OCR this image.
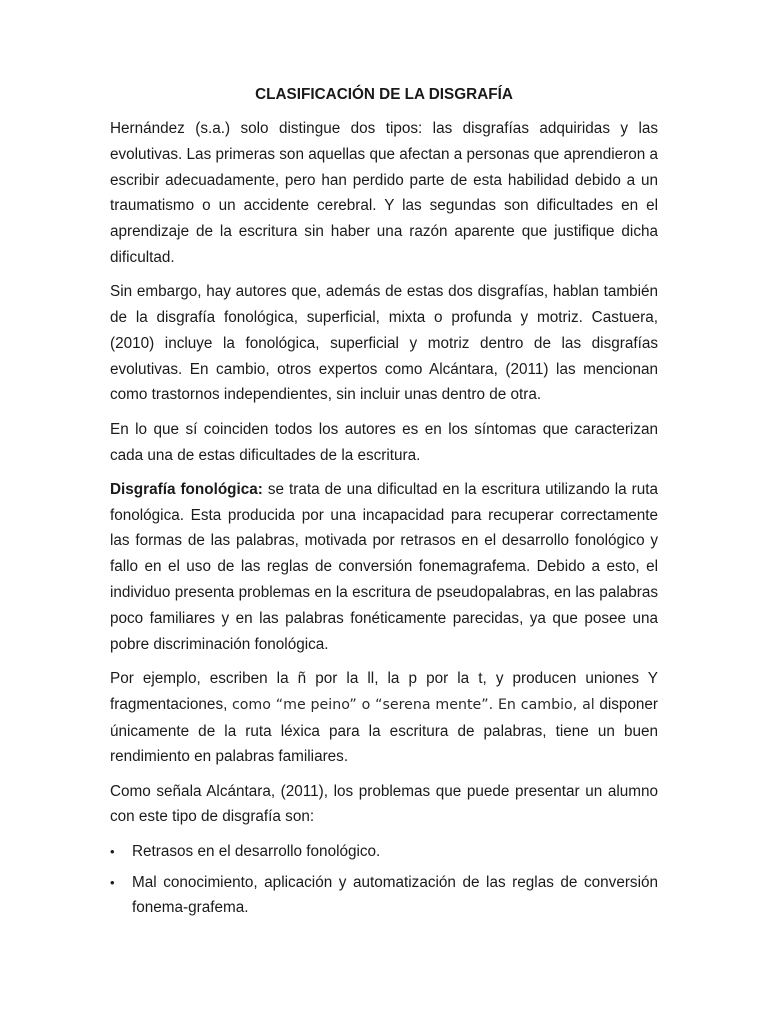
CLASIFICACIÓN DE LA DISGRAFÍA

Hernández (s.a.) solo distingue dos tipos: las disgrafías adquiridas y las evolutivas. Las primeras son aquellas que afectan a personas que aprendieron a escribir adecuadamente, pero han perdido parte de esta habilidad debido a un traumatismo o un accidente cerebral. Y las segundas son dificultades en el aprendizaje de la escritura sin haber una razón aparente que justifique dicha dificultad.

Sin embargo, hay autores que, además de estas dos disgrafías, hablan también de la disgrafía fonológica, superficial, mixta o profunda y motriz. Castuera, (2010) incluye la fonológica, superficial y motriz dentro de las disgrafías evolutivas. En cambio, otros expertos como Alcántara, (2011) las mencionan como trastornos independientes, sin incluir unas dentro de otra.

En lo que sí coinciden todos los autores es en los síntomas que caracterizan cada una de estas dificultades de la escritura.

Disgrafía fonológica: se trata de una dificultad en la escritura utilizando la ruta fonológica. Esta producida por una incapacidad para recuperar correctamente las formas de las palabras, motivada por retrasos en el desarrollo fonológico y fallo en el uso de las reglas de conversión fonemagrafema. Debido a esto, el individuo presenta problemas en la escritura de pseudopalabras, en las palabras poco familiares y en las palabras fonéticamente parecidas, ya que posee una pobre discriminación fonológica.

Por ejemplo, escriben la ñ por la ll, la p por la t, y producen uniones Y fragmentaciones, como “me peino” o “serena mente”. En cambio, al disponer únicamente de la ruta léxica para la escritura de palabras, tiene un buen rendimiento en palabras familiares.

Como señala Alcántara, (2011), los problemas que puede presentar un alumno con este tipo de disgrafía son:

• Retrasos en el desarrollo fonológico.
• Mal conocimiento, aplicación y automatización de las reglas de conversión fonema-grafema.
